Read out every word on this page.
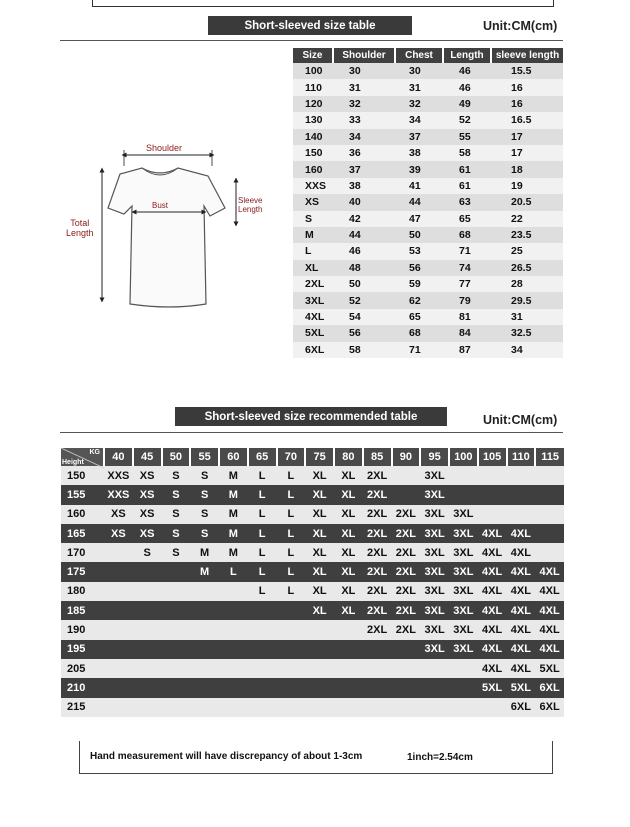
Short-sleeved size table	Unit:CM(cm)
Shoulder
Bust
Sleeve
Length
Total
Length
Size	Shoulder	Chest	Length	sleeve length
100	30	30	46	15.5
110	31	31	46	16
120	32	32	49	16
130	33	34	52	16.5
140	34	37	55	17
150	36	38	58	17
160	37	39	61	18
XXS	38	41	61	19
XS	40	44	63	20.5
S	42	47	65	22
M	44	50	68	23.5
L	46	53	71	25
XL	48	56	74	26.5
2XL	50	59	77	28
3XL	52	62	79	29.5
4XL	54	65	81	31
5XL	56	68	84	32.5
6XL	58	71	87	34
Short-sleeved size recommended table	Unit:CM(cm)
KG
Height	40	45	50	55	60	65	70	75	80	85	90	95	100	105	110	115
150	XXS	XS	S	S	M	L	L	XL	XL	2XL		3XL				
155	XXS	XS	S	S	M	L	L	XL	XL	2XL		3XL				
160	XS	XS	S	S	M	L	L	XL	XL	2XL	2XL	3XL	3XL			
165	XS	XS	S	S	M	L	L	XL	XL	2XL	2XL	3XL	3XL	4XL	4XL	
170		S	S	M	M	L	L	XL	XL	2XL	2XL	3XL	3XL	4XL	4XL	
175				M	L	L	L	XL	XL	2XL	2XL	3XL	3XL	4XL	4XL	4XL
180						L	L	XL	XL	2XL	2XL	3XL	3XL	4XL	4XL	4XL
185								XL	XL	2XL	2XL	3XL	3XL	4XL	4XL	4XL
190										2XL	2XL	3XL	3XL	4XL	4XL	4XL
195												3XL	3XL	4XL	4XL	4XL
205														4XL	4XL	5XL
210														5XL	5XL	6XL
215															6XL	6XL
Hand measurement will have discrepancy of about 1-3cm	1inch=2.54cm
